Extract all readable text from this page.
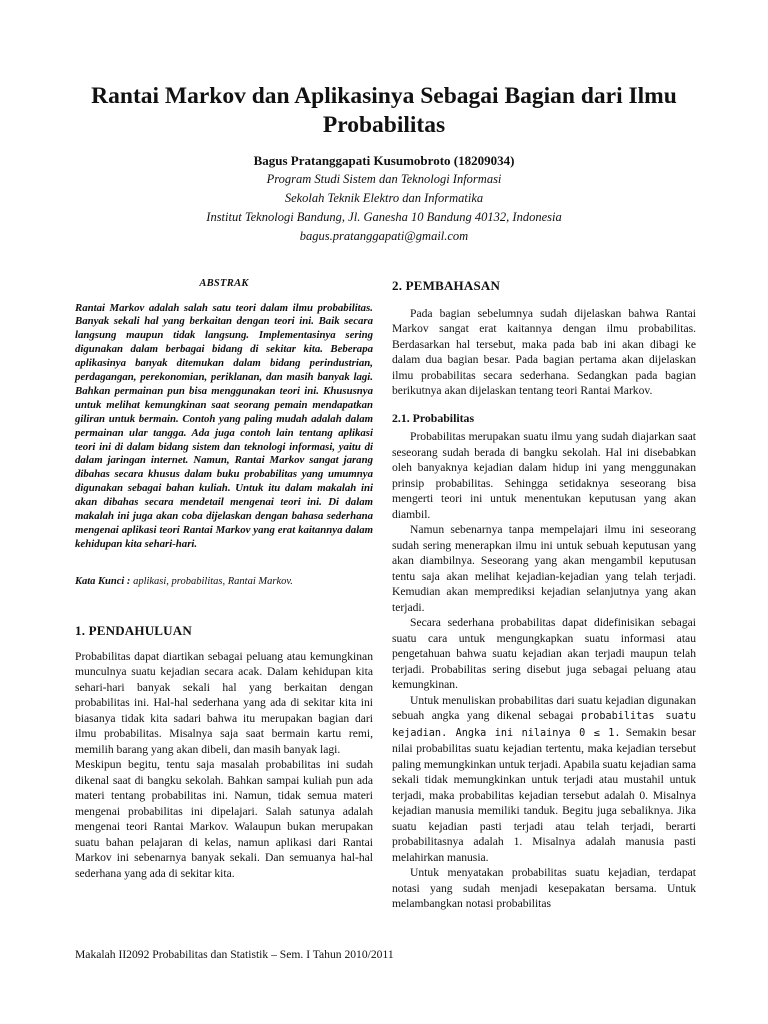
Rantai Markov dan Aplikasinya Sebagai Bagian dari Ilmu Probabilitas
Bagus Pratanggapati Kusumobroto (18209034)
Program Studi Sistem dan Teknologi Informasi
Sekolah Teknik Elektro dan Informatika
Institut Teknologi Bandung, Jl. Ganesha 10 Bandung 40132, Indonesia
bagus.pratanggapati@gmail.com
ABSTRAK

Rantai Markov adalah salah satu teori dalam ilmu probabilitas. Banyak sekali hal yang berkaitan dengan teori ini. Baik secara langsung maupun tidak langsung. Implementasinya sering digunakan dalam berbagai bidang di sekitar kita. Beberapa aplikasinya banyak ditemukan dalam bidang perindustrian, perdagangan, perekonomian, periklanan, dan masih banyak lagi. Bahkan permainan pun bisa menggunakan teori ini. Khususnya untuk melihat kemungkinan saat seorang pemain mendapatkan giliran untuk bermain. Contoh yang paling mudah adalah dalam permainan ular tangga. Ada juga contoh lain tentang aplikasi teori ini di dalam bidang sistem dan teknologi informasi, yaitu di dalam jaringan internet. Namun, Rantai Markov sangat jarang dibahas secara khusus dalam buku probabilitas yang umumnya digunakan sebagai bahan kuliah. Untuk itu dalam makalah ini akan dibahas secara mendetail mengenai teori ini. Di dalam makalah ini juga akan coba dijelaskan dengan bahasa sederhana mengenai aplikasi teori Rantai Markov yang erat kaitannya dalam kehidupan kita sehari-hari.

Kata Kunci : aplikasi, probabilitas, Rantai Markov.

1. PENDAHULUAN

Probabilitas dapat diartikan sebagai peluang atau kemungkinan munculnya suatu kejadian secara acak. Dalam kehidupan kita sehari-hari banyak sekali hal yang berkaitan dengan probabilitas ini. Hal-hal sederhana yang ada di sekitar kita ini biasanya tidak kita sadari bahwa itu merupakan bagian dari ilmu probabilitas. Misalnya saja saat bermain kartu remi, memilih barang yang akan dibeli, dan masih banyak lagi.

Meskipun begitu, tentu saja masalah probabilitas ini sudah dikenal saat di bangku sekolah. Bahkan sampai kuliah pun ada materi tentang probabilitas ini. Namun, tidak semua materi mengenai probabilitas ini dipelajari. Salah satunya adalah mengenai teori Rantai Markov. Walaupun bukan merupakan suatu bahan pelajaran di kelas, namun aplikasi dari Rantai Markov ini sebenarnya banyak sekali. Dan semuanya hal-hal sederhana yang ada di sekitar kita.

2. PEMBAHASAN

Pada bagian sebelumnya sudah dijelaskan bahwa Rantai Markov sangat erat kaitannya dengan ilmu probabilitas. Berdasarkan hal tersebut, maka pada bab ini akan dibagi ke dalam dua bagian besar. Pada bagian pertama akan dijelaskan ilmu probabilitas secara sederhana. Sedangkan pada bagian berikutnya akan dijelaskan tentang teori Rantai Markov.

2.1. Probabilitas

Probabilitas merupakan suatu ilmu yang sudah diajarkan saat seseorang sudah berada di bangku sekolah. Hal ini disebabkan oleh banyaknya kejadian dalam hidup ini yang menggunakan prinsip probabilitas. Sehingga setidaknya seseorang bisa mengerti teori ini untuk menentukan keputusan yang akan diambil.

Namun sebenarnya tanpa mempelajari ilmu ini seseorang sudah sering menerapkan ilmu ini untuk sebuah keputusan yang akan diambilnya. Seseorang yang akan mengambil keputusan tentu saja akan melihat kejadian-kejadian yang telah terjadi. Kemudian akan memprediksi kejadian selanjutnya yang akan terjadi.

Secara sederhana probabilitas dapat didefinisikan sebagai suatu cara untuk mengungkapkan suatu informasi atau pengetahuan bahwa suatu kejadian akan terjadi maupun telah terjadi. Probabilitas sering disebut juga sebagai peluang atau kemungkinan.

Untuk menuliskan probabilitas dari suatu kejadian digunakan sebuah angka yang dikenal sebagai probabilitas suatu kejadian. Angka ini nilainya 0 ≤ 1. Semakin besar nilai probabilitas suatu kejadian tertentu, maka kejadian tersebut paling memungkinkan untuk terjadi. Apabila suatu kejadian sama sekali tidak memungkinkan untuk terjadi atau mustahil untuk terjadi, maka probabilitas kejadian tersebut adalah 0. Misalnya kejadian manusia memiliki tanduk. Begitu juga sebaliknya. Jika suatu kejadian pasti terjadi atau telah terjadi, berarti probabilitasnya adalah 1. Misalnya adalah manusia pasti melahirkan manusia.

Untuk menyatakan probabilitas suatu kejadian, terdapat notasi yang sudah menjadi kesepakatan bersama. Untuk melambangkan notasi probabilitas

Makalah II2092 Probabilitas dan Statistik – Sem. I Tahun 2010/2011
